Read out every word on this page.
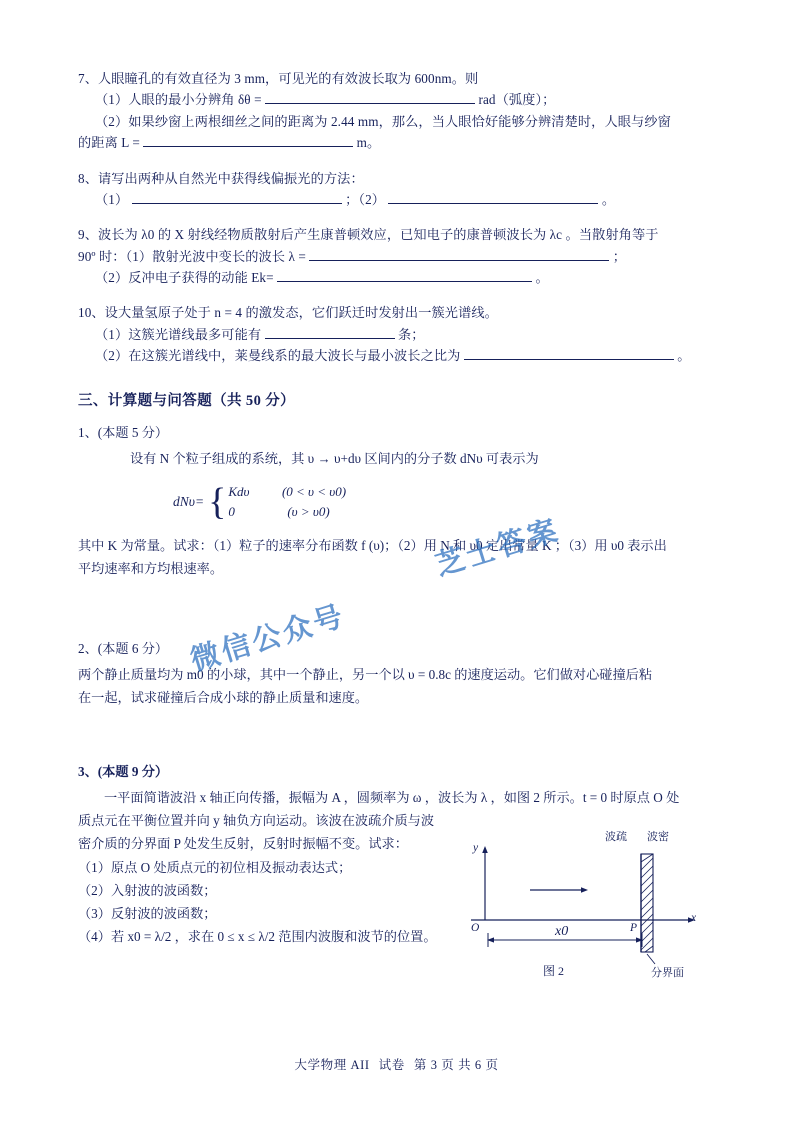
7、人眼瞳孔的有效直径为 3 mm，可见光的有效波长取为 600nm。则
（1）人眼的最小分辨角 δθ =	rad（弧度）；
（2）如果纱窗上两根细丝之间的距离为 2.44 mm，那么，当人眼恰好能够分辨清楚时，人眼与纱窗
的距离 L =	m。
8、请写出两种从自然光中获得线偏振光的方法：
（1）	；（2）	。
9、波长为 λ0 的 X 射线经物质散射后产生康普顿效应，已知电子的康普顿波长为 λc 。当散射角等于
90º 时：（1）散射光波中变长的波长 λ =	；
（2）反冲电子获得的动能 Ek=	。
10、设大量氢原子处于 n = 4 的激发态，它们跃迁时发射出一簇光谱线。
（1）这簇光谱线最多可能有	条；
（2）在这簇光谱线中，莱曼线系的最大波长与最小波长之比为	。
三、计算题与问答题（共 50 分）
1、(本题 5 分）
设有 N 个粒子组成的系统，其 υ → υ+dυ 区间内的分子数 dNυ 可表示为
dNυ= { Kdυ	(0 < υ < υ0)
0	(υ > υ0)
其中 K 为常量。试求：（1）粒子的速率分布函数 f (υ)；（2）用 N 和 υ0 定出常量 K ；（3）用 υ0 表示出
平均速率和方均根速率。
2、(本题 6 分）
两个静止质量均为 m0 的小球，其中一个静止，另一个以 υ = 0.8c 的速度运动。它们做对心碰撞后粘
在一起，试求碰撞后合成小球的静止质量和速度。
3、(本题 9 分）
一平面简谐波沿 x 轴正向传播，振幅为 A ，圆频率为 ω ，波长为 λ ，如图 2 所示。t = 0 时原点 O 处
质点元在平衡位置并向 y 轴负方向运动。该波在波疏介质与波
密介质的分界面 P 处发生反射，反射时振幅不变。试求：
（1）原点 O 处质点元的初位相及振动表达式；
（2）入射波的波函数；
（3）反射波的波函数；
（4）若 x0 = λ/2 ，求在 0 ≤ x ≤ λ/2 范围内波腹和波节的位置。
y
x
O	P
x0
波疏 波密
分界面
图 2
芝士答案
微信公众号
大学物理 AII 试卷 第 3 页 共 6 页
